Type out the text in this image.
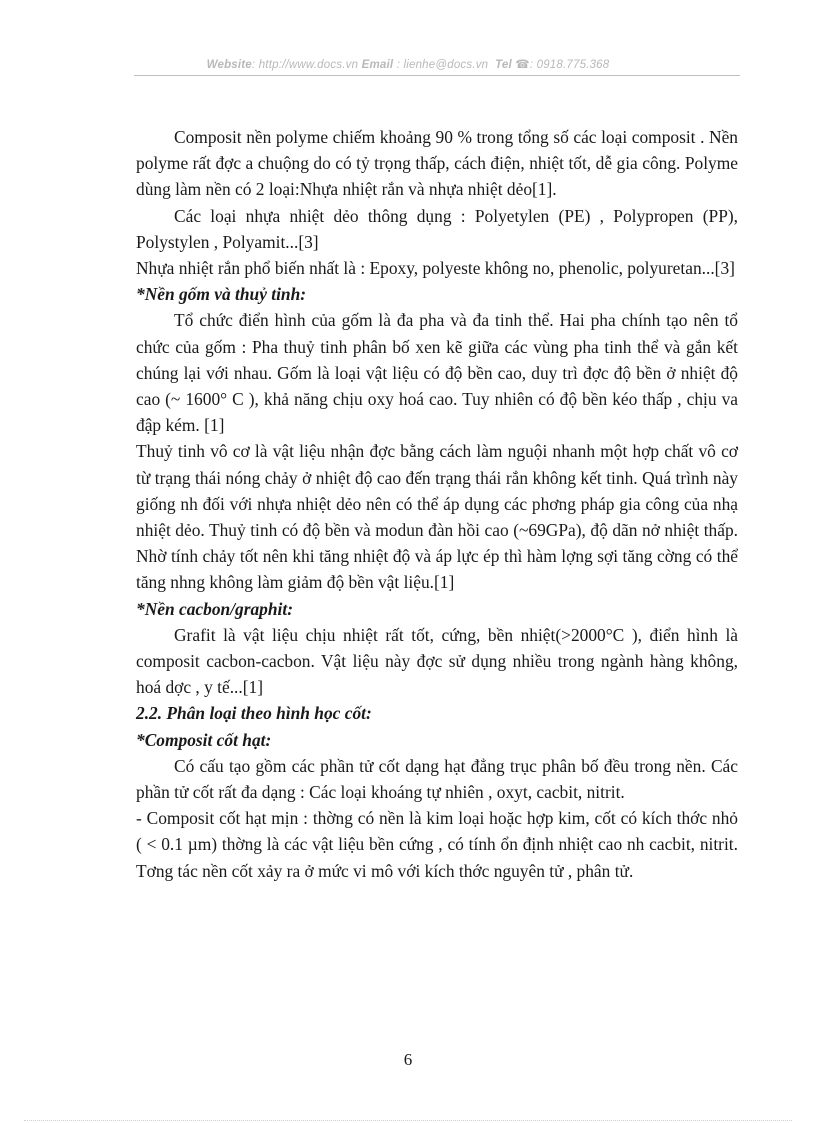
Website: http://www.docs.vn Email : lienhe@docs.vn Tel ☎: 0918.775.368

Composit nền polyme chiếm khoảng 90 % trong tổng số các loại composit . Nền polyme rất đợc a chuộng do có tỷ trọng thấp, cách điện, nhiệt tốt, dễ gia công. Polyme dùng làm nền có 2 loại:Nhựa nhiệt rắn và nhựa nhiệt dẻo[1].

Các loại nhựa nhiệt dẻo thông dụng : Polyetylen (PE) , Polypropen (PP), Polystylen , Polyamit...[3]

Nhựa nhiệt rắn phổ biến nhất là : Epoxy, polyeste không no, phenolic, polyuretan...[3]

*Nền gốm và thuỷ tinh:

Tổ chức điển hình của gốm là đa pha và đa tinh thể. Hai pha chính tạo nên tổ chức của gốm : Pha thuỷ tinh phân bố xen kẽ giữa các vùng pha tinh thể và gắn kết chúng lại với nhau. Gốm là loại vật liệu có độ bền cao, duy trì đợc độ bền ở nhiệt độ cao (~ 1600° C ), khả năng chịu oxy hoá cao. Tuy nhiên có độ bền kéo thấp , chịu va đập kém. [1]

Thuỷ tinh vô cơ là vật liệu nhận đợc bằng cách làm nguội nhanh một hợp chất vô cơ từ trạng thái nóng chảy ở nhiệt độ cao đến trạng thái rắn không kết tinh. Quá trình này giống nh đối với nhựa nhiệt dẻo nên có thể áp dụng các phơng pháp gia công của nhạ nhiệt dẻo. Thuỷ tinh có độ bền và modun đàn hồi cao (~69GPa), độ dãn nở nhiệt thấp. Nhờ tính chảy tốt nên khi tăng nhiệt độ và áp lực ép thì hàm lợng sợi tăng cờng có thể tăng nhng không làm giảm độ bền vật liệu.[1]

*Nền cacbon/graphit:

Grafit là vật liệu chịu nhiệt rất tốt, cứng, bền nhiệt(>2000°C ), điển hình là composit cacbon-cacbon. Vật liệu này đợc sử dụng nhiều trong ngành hàng không, hoá dợc , y tế...[1]

2.2. Phân loại theo hình học cốt:

*Composit cốt hạt:

Có cấu tạo gồm các phần tử cốt dạng hạt đẳng trục phân bố đều trong nền. Các phần tử cốt rất đa dạng : Các loại khoáng tự nhiên , oxyt, cacbit, nitrit.

- Composit cốt hạt mịn : thờng có nền là kim loại hoặc hợp kim, cốt có kích thớc nhỏ ( < 0.1 µm) thờng là các vật liệu bền cứng , có tính ổn định nhiệt cao nh cacbit, nitrit. Tơng tác nền cốt xảy ra ở mức vi mô với kích thớc nguyên tử , phân tử.

6
